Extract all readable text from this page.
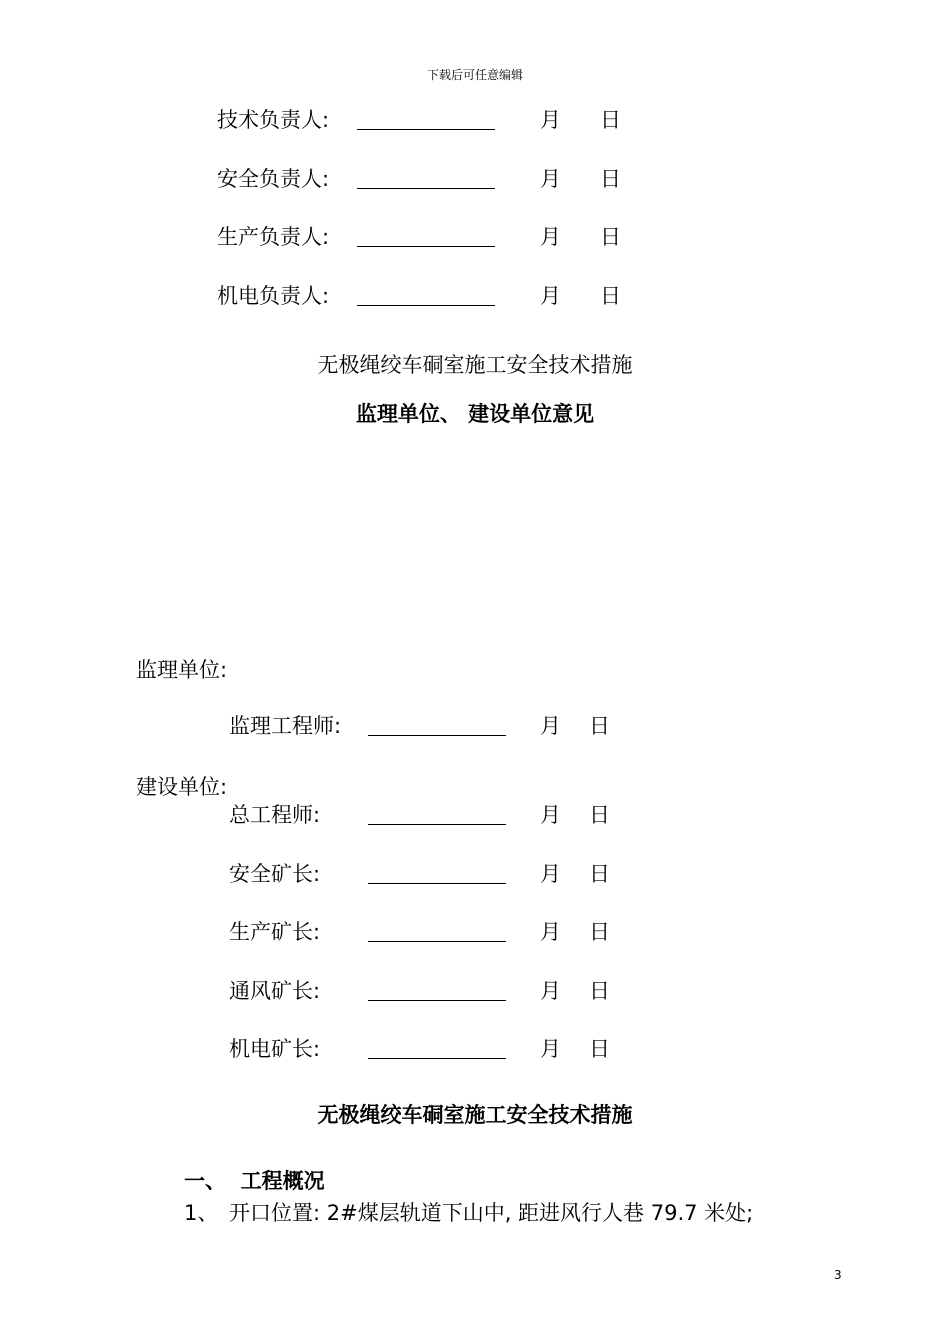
下载后可任意编辑
技术负责人:	月 日
安全负责人:	月 日
生产负责人:	月 日
机电负责人:	月 日
无极绳绞车硐室施工安全技术措施
监理单位、 建设单位意见
监理单位:
监理工程师:	月 日
建设单位:
总工程师:	月 日
安全矿长:	月 日
生产矿长:	月 日
通风矿长:	月 日
机电矿长:	月 日
无极绳绞车硐室施工安全技术措施
一、  工程概况
1、 开口位置: 2#煤层轨道下山中, 距进风行人巷 79.7 米处;
3
